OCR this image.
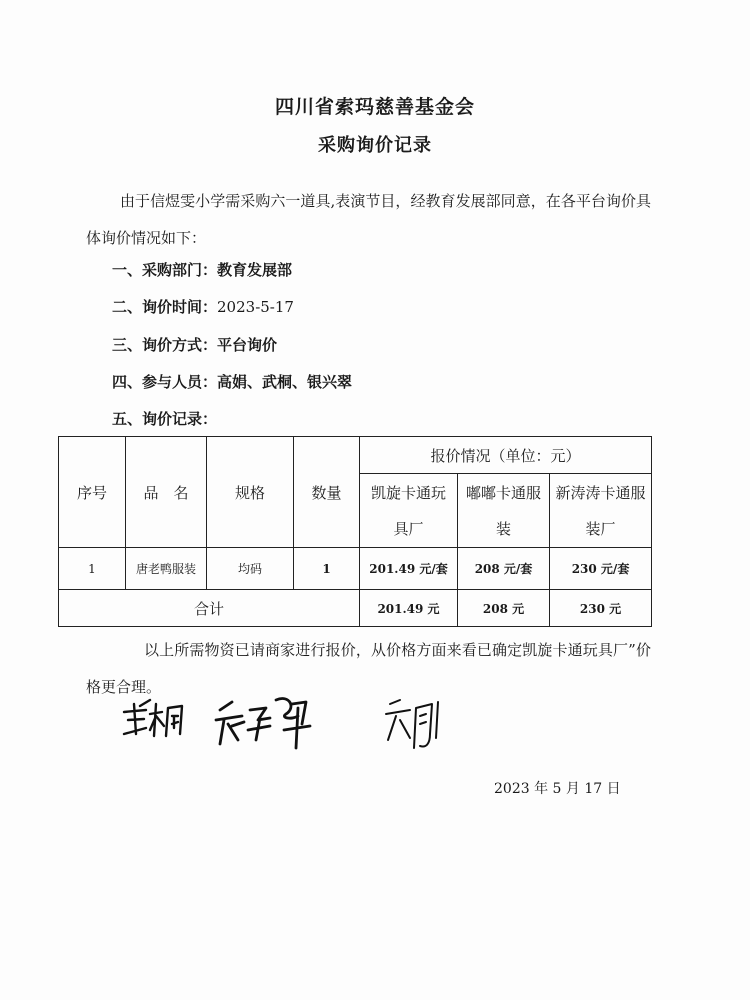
四川省索玛慈善基金会
采购询价记录
由于信煜雯小学需采购六一道具,表演节目，经教育发展部同意，在各平台询价具体询价情况如下：
一、采购部门：教育发展部
二、询价时间：2023-5-17
三、询价方式：平台询价
四、参与人员：高娟、武桐、银兴翠
五、询价记录：
序号	品　名	规格	数量	报价情况（单位：元）		
				凯旋卡通玩具厂	嘟嘟卡通服装	新涛涛卡通服装厂
1	唐老鸭服装	均码	1	201.49 元/套	208 元/套	230 元/套
合计				201.49 元	208 元	230 元
以上所需物资已请商家进行报价，从价格方面来看已确定凯旋卡通玩具厂”价格更合理。
2023 年 5 月 17 日
